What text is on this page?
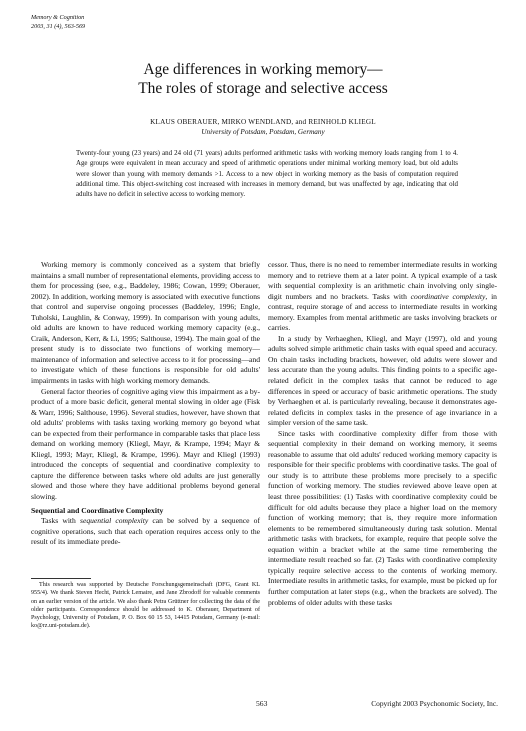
Memory & Cognition
2003, 31 (4), 563-569
Age differences in working memory—
The roles of storage and selective access
KLAUS OBERAUER, MIRKO WENDLAND, and REINHOLD KLIEGL
University of Potsdam, Potsdam, Germany
Twenty-four young (23 years) and 24 old (71 years) adults performed arithmetic tasks with working memory loads ranging from 1 to 4. Age groups were equivalent in mean accuracy and speed of arithmetic operations under minimal working memory load, but old adults were slower than young with memory demands >1. Access to a new object in working memory as the basis of computation required additional time. This object-switching cost increased with increases in memory demand, but was unaffected by age, indicating that old adults have no deficit in selective access to working memory.

Working memory is commonly conceived as a system that briefly maintains a small number of representational elements, providing access to them for processing (see, e.g., Baddeley, 1986; Cowan, 1999; Oberauer, 2002). In addition, working memory is associated with executive functions that control and supervise ongoing processes (Baddeley, 1996; Engle, Tuholski, Laughlin, & Conway, 1999). In comparison with young adults, old adults are known to have reduced working memory capacity (e.g., Craik, Anderson, Kerr, & Li, 1995; Salthouse, 1994). The main goal of the present study is to dissociate two functions of working memory—maintenance of information and selective access to it for processing—and to investigate which of these functions is responsible for old adults' impairments in tasks with high working memory demands.

General factor theories of cognitive aging view this impairment as a by-product of a more basic deficit, general mental slowing in older age (Fisk & Warr, 1996; Salthouse, 1996). Several studies, however, have shown that old adults' problems with tasks taxing working memory go beyond what can be expected from their performance in comparable tasks that place less demand on working memory (Kliegl, Mayr, & Krampe, 1994; Mayr & Kliegl, 1993; Mayr, Kliegl, & Krampe, 1996). Mayr and Kliegl (1993) introduced the concepts of sequential and coordinative complexity to capture the difference between tasks where old adults are just generally slowed and those where they have additional problems beyond general slowing.

Sequential and Coordinative Complexity

Tasks with sequential complexity can be solved by a sequence of cognitive operations, such that each operation requires access only to the result of its immediate prede-

This research was supported by Deutsche Forschungsgemeinschaft (DFG, Grant KL 955/4). We thank Steven Hecht, Patrick Lemaire, and Jane Zbrodoff for valuable comments on an earlier version of the article. We also thank Petra Grüttner for collecting the data of the older participants. Correspondence should be addressed to K. Oberauer, Department of Psychology, University of Potsdam, P. O. Box 60 15 53, 14415 Potsdam, Germany (e-mail: ko@rz.uni-potsdam.de).

cessor. Thus, there is no need to remember intermediate results in working memory and to retrieve them at a later point. A typical example of a task with sequential complexity is an arithmetic chain involving only single-digit numbers and no brackets. Tasks with coordinative complexity, in contrast, require storage of and access to intermediate results in working memory. Examples from mental arithmetic are tasks involving brackets or carries.

In a study by Verhaeghen, Kliegl, and Mayr (1997), old and young adults solved simple arithmetic chain tasks with equal speed and accuracy. On chain tasks including brackets, however, old adults were slower and less accurate than the young adults. This finding points to a specific age-related deficit in the complex tasks that cannot be reduced to age differences in speed or accuracy of basic arithmetic operations. The study by Verhaeghen et al. is particularly revealing, because it demonstrates age-related deficits in complex tasks in the presence of age invariance in a simpler version of the same task.

Since tasks with coordinative complexity differ from those with sequential complexity in their demand on working memory, it seems reasonable to assume that old adults' reduced working memory capacity is responsible for their specific problems with coordinative tasks. The goal of our study is to attribute these problems more precisely to a specific function of working memory. The studies reviewed above leave open at least three possibilities: (1) Tasks with coordinative complexity could be difficult for old adults because they place a higher load on the memory function of working memory; that is, they require more information elements to be remembered simultaneously during task solution. Mental arithmetic tasks with brackets, for example, require that people solve the equation within a bracket while at the same time remembering the intermediate result reached so far. (2) Tasks with coordinative complexity typically require selective access to the contents of working memory. Intermediate results in arithmetic tasks, for example, must be picked up for further computation at later steps (e.g., when the brackets are solved). The problems of older adults with these tasks

563	Copyright 2003 Psychonomic Society, Inc.
